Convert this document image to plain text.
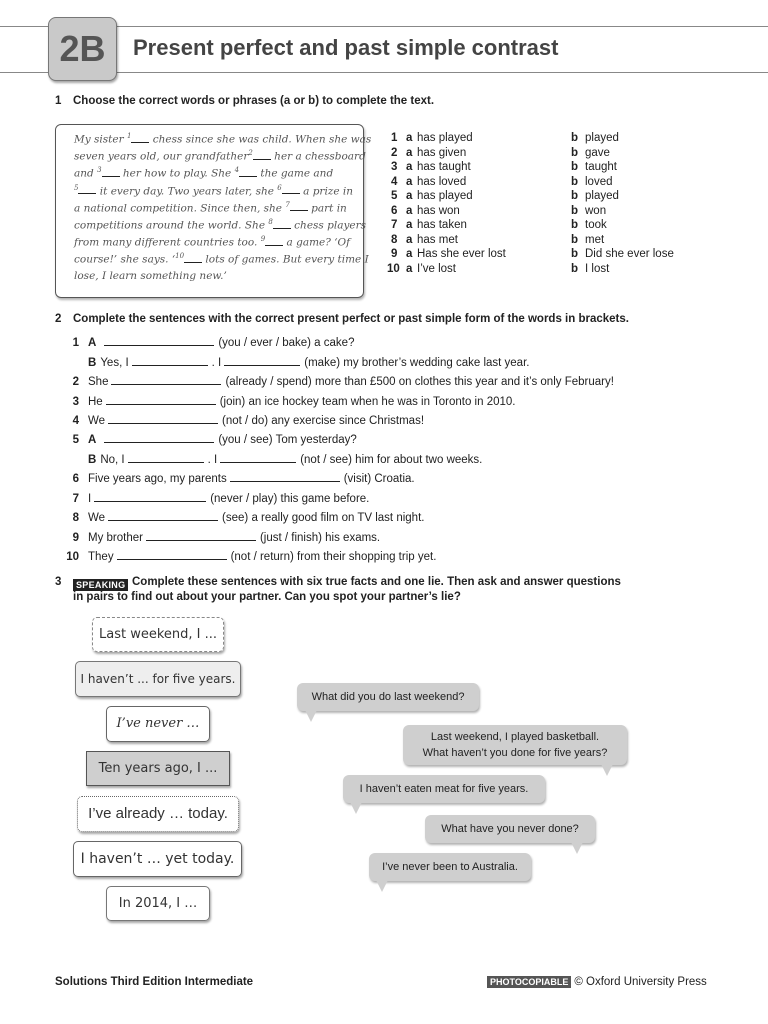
2B	Present perfect and past simple contrast
1 Choose the correct words or phrases (a or b) to complete the text.
My sister $^1$ chess since she was child. When she was
seven years old, our grandfather$^2$ her a chessboard
and $^3$ her how to play. She $^4$ the game and
$^5$ it every day. Two years later, she $^6$ a prize in
a national competition. Since then, she $^7$ part in
competitions around the world. She $^8$ chess players
from many different countries too. $^9$ a game? ‘Of
course!’ she says. ‘$^{10}$ lots of games. But every time I
lose, I learn something new.’
1 a has played	b played
2 a has given	b gave
3 a has taught	b taught
4 a has loved	b loved
5 a has played	b played
6 a has won	b won
7 a has taken	b took
8 a has met	b met
9 a Has she ever lost	b Did she ever lose
10 a I’ve lost	b I lost
2 Complete the sentences with the correct present perfect or past simple form of the words in brackets.
1 A	(you / ever / bake) a cake?
B Yes, I	. I	(make) my brother’s wedding cake last year.
2 She	(already / spend) more than £500 on clothes this year and it’s only February!
3 He	(join) an ice hockey team when he was in Toronto in 2010.
4 We	(not / do) any exercise since Christmas!
5 A	(you / see) Tom yesterday?
B No, I	. I	(not / see) him for about two weeks.
6 Five years ago, my parents	(visit) Croatia.
7 I	(never / play) this game before.
8 We	(see) a really good film on TV last night.
9 My brother	(just / finish) his exams.
10 They	(not / return) from their shopping trip yet.
3	SPEAKING Complete these sentences with six true facts and one lie. Then ask and answer questions
in pairs to find out about your partner. Can you spot your partner’s lie?
Last weekend, I ...
I haven’t ... for five years.
I’ve never …
Ten years ago, I ...
I’ve already … today.
I haven’t … yet today.
In 2014, I …
What did you do last weekend?
Last weekend, I played basketball.
What haven’t you done for five years?
I haven’t eaten meat for five years.
What have you never done?
I’ve never been to Australia.
Solutions Third Edition Intermediate	PHOTOCOPIABLE © Oxford University Press
